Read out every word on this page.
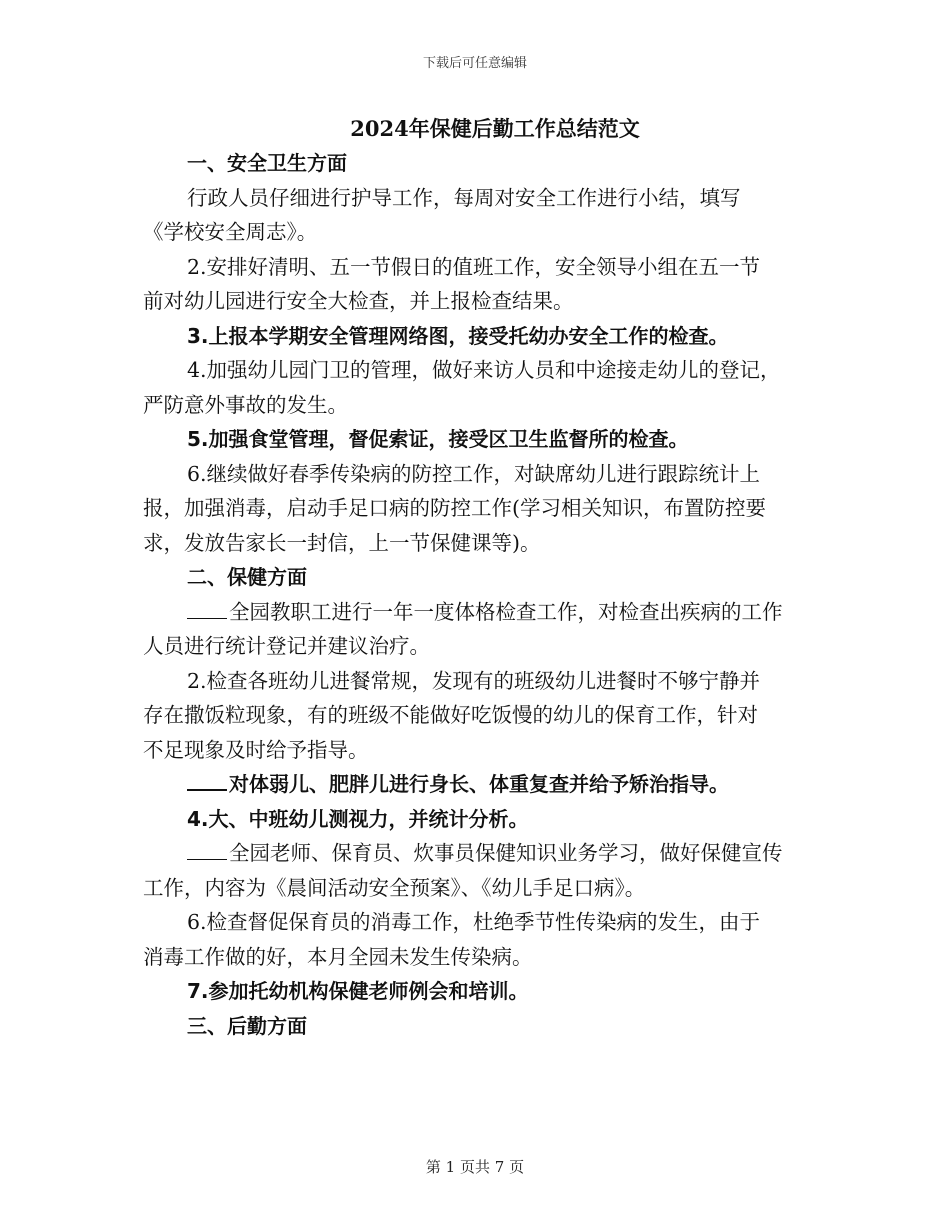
下载后可任意编辑
2024年保健后勤工作总结范文
一、安全卫生方面
行政人员仔细进行护导工作，每周对安全工作进行小结，填写
《学校安全周志》。
2.安排好清明、五一节假日的值班工作，安全领导小组在五一节
前对幼儿园进行安全大检查，并上报检查结果。
3.上报本学期安全管理网络图，接受托幼办安全工作的检查。
4.加强幼儿园门卫的管理，做好来访人员和中途接走幼儿的登记，
严防意外事故的发生。
5.加强食堂管理，督促索证，接受区卫生监督所的检查。
6.继续做好春季传染病的防控工作，对缺席幼儿进行跟踪统计上
报，加强消毒，启动手足口病的防控工作(学习相关知识，布置防控要
求，发放告家长一封信，上一节保健课等)。
二、保健方面
全园教职工进行一年一度体格检查工作，对检查出疾病的工作
人员进行统计登记并建议治疗。
2.检查各班幼儿进餐常规，发现有的班级幼儿进餐时不够宁静并
存在撒饭粒现象，有的班级不能做好吃饭慢的幼儿的保育工作，针对
不足现象及时给予指导。
对体弱儿、肥胖儿进行身长、体重复查并给予矫治指导。
4.大、中班幼儿测视力，并统计分析。
全园老师、保育员、炊事员保健知识业务学习，做好保健宣传
工作，内容为《晨间活动安全预案》、《幼儿手足口病》。
6.检查督促保育员的消毒工作，杜绝季节性传染病的发生，由于
消毒工作做的好，本月全园未发生传染病。
7.参加托幼机构保健老师例会和培训。
三、后勤方面
第 1 页共 7 页
